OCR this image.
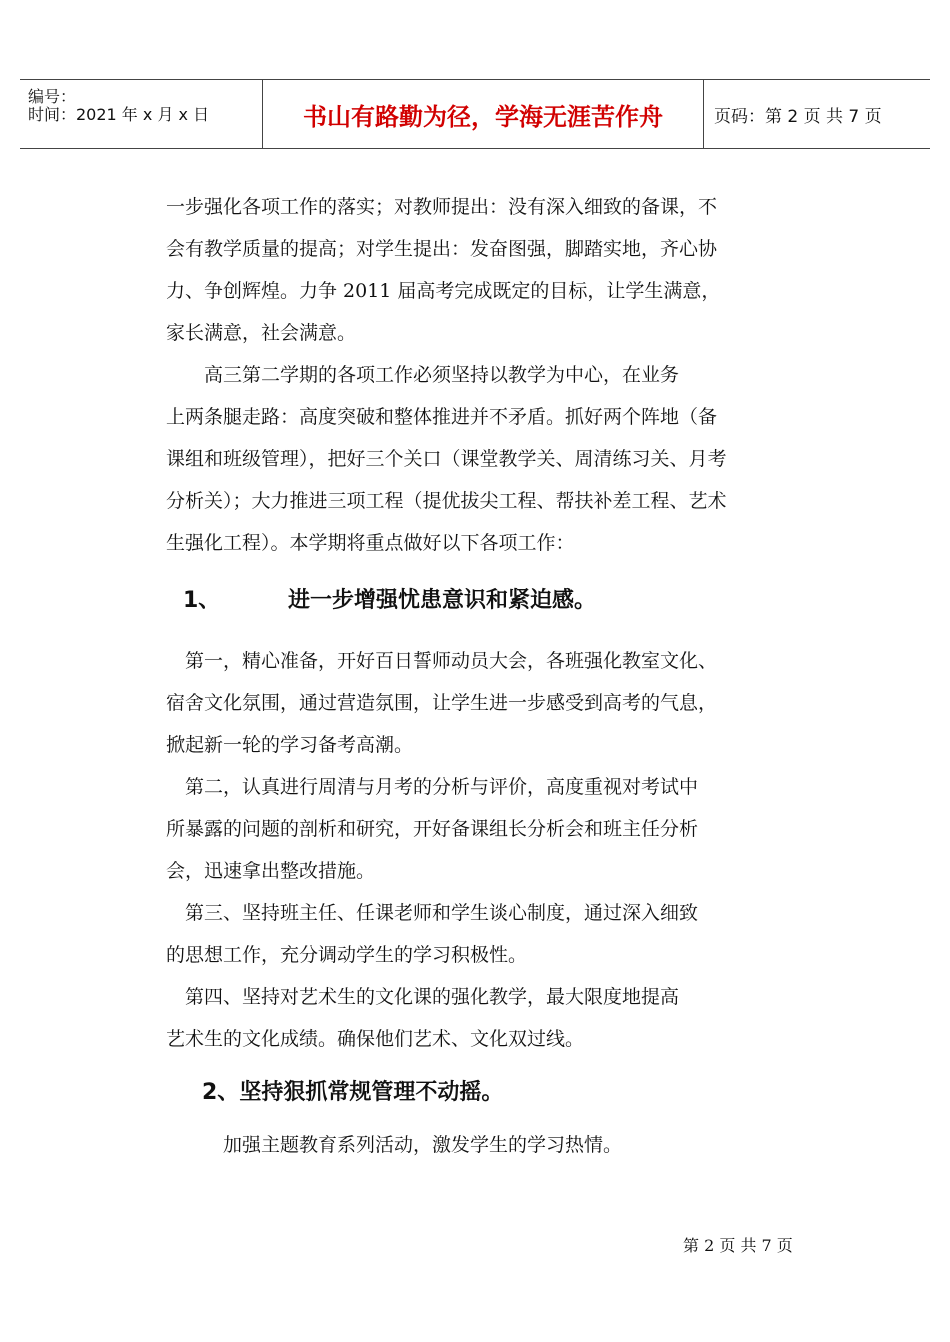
编号：
时间：2021 年 x 月 x 日	书山有路勤为径，学海无涯苦作舟	页码：第 2 页 共 7 页
一步强化各项工作的落实；对教师提出：没有深入细致的备课，不
会有教学质量的提高；对学生提出：发奋图强，脚踏实地，齐心协
力、争创辉煌。力争 2011 届高考完成既定的目标，让学生满意，
家长满意，社会满意。
　　高三第二学期的各项工作必须坚持以教学为中心，在业务
上两条腿走路：高度突破和整体推进并不矛盾。抓好两个阵地（备
课组和班级管理），把好三个关口（课堂教学关、周清练习关、月考
分析关）；大力推进三项工程（提优拔尖工程、帮扶补差工程、艺术
生强化工程）。本学期将重点做好以下各项工作：
1、	进一步增强忧患意识和紧迫感。
　第一，精心准备，开好百日誓师动员大会，各班强化教室文化、
宿舍文化氛围，通过营造氛围，让学生进一步感受到高考的气息，
掀起新一轮的学习备考高潮。
　第二，认真进行周清与月考的分析与评价，高度重视对考试中
所暴露的问题的剖析和研究，开好备课组长分析会和班主任分析
会，迅速拿出整改措施。
　第三、坚持班主任、任课老师和学生谈心制度，通过深入细致
的思想工作，充分调动学生的学习积极性。
　第四、坚持对艺术生的文化课的强化教学，最大限度地提高
艺术生的文化成绩。确保他们艺术、文化双过线。
2、坚持狠抓常规管理不动摇。
　　　加强主题教育系列活动，激发学生的学习热情。
第 2 页 共 7 页
